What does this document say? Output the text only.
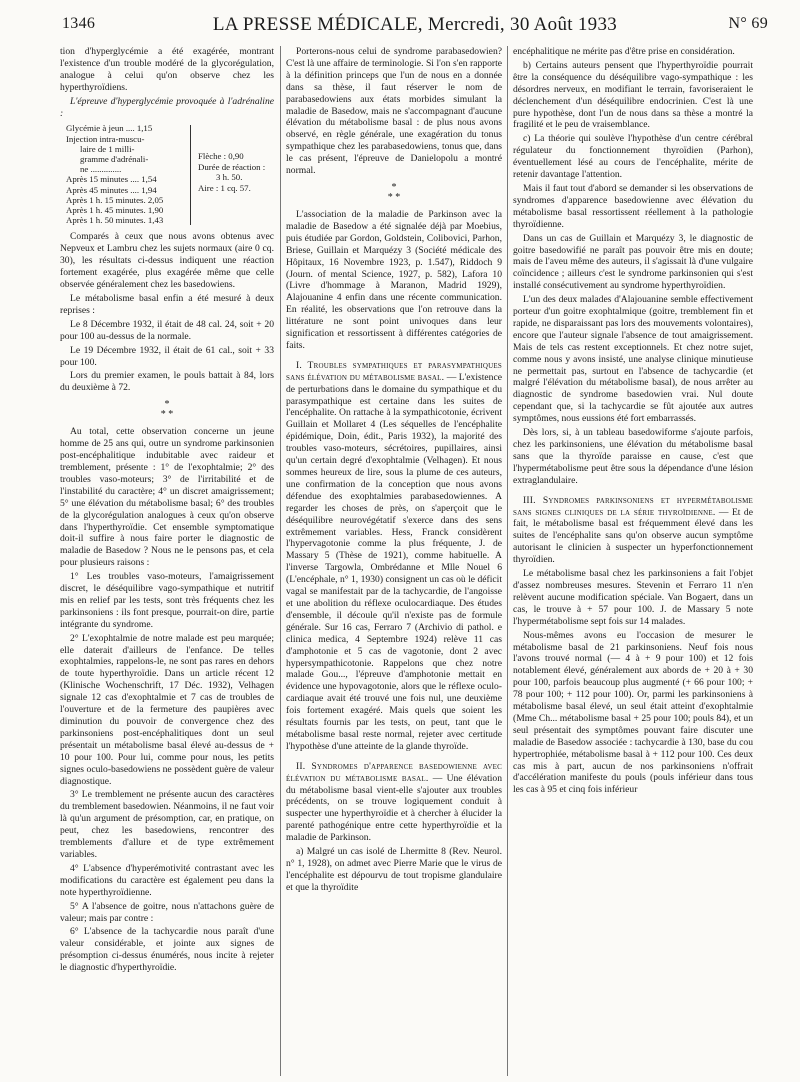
1346	LA PRESSE MÉDICALE, Mercredi, 30 Août 1933	N° 69

tion d'hyperglycémie a été exagérée, montrant l'existence d'un trouble modéré de la glycorégulation, analogue à celui qu'on observe chez les hyperthyroïdiens.

L'épreuve d'hyperglycémie provoquée à l'adrénaline :

Glycémie à jeun .... 1,15
Injection intra-muscu-
laire de 1 milli-
gramme d'adrénali-
ne ..............
Après 15 minutes .... 1,54
Après 45 minutes .... 1,94
Après 1 h. 15 minutes. 2,05
Après 1 h. 45 minutes. 1,90
Après 1 h. 50 minutes. 1,43
Flèche : 0,90
Durée de réaction :
3 h. 50.
Aire : 1 cq. 57.

Comparés à ceux que nous avons obtenus avec Nepveux et Lambru chez les sujets normaux (aire 0 cq. 30), les résultats ci-dessus indiquent une réaction fortement exagérée, plus exagérée même que celle observée généralement chez les basedowiens.

Le métabolisme basal enfin a été mesuré à deux reprises :

Le 8 Décembre 1932, il était de 48 cal. 24, soit + 20 pour 100 au-dessus de la normale.

Le 19 Décembre 1932, il était de 61 cal., soit + 33 pour 100.

Lors du premier examen, le pouls battait à 84, lors du deuxième à 72.

*
* *

Au total, cette observation concerne un jeune homme de 25 ans qui, outre un syndrome parkinsonien post-encéphalitique indubitable avec raideur et tremblement, présente : 1° de l'exophtalmie; 2° des troubles vaso-moteurs; 3° de l'irritabilité et de l'instabilité du caractère; 4° un discret amaigrissement; 5° une élévation du métabolisme basal; 6° des troubles de la glycorégulation analogues à ceux qu'on observe dans l'hyperthyroïdie. Cet ensemble symptomatique doit-il suffire à nous faire porter le diagnostic de maladie de Basedow ? Nous ne le pensons pas, et cela pour plusieurs raisons :

1° Les troubles vaso-moteurs, l'amaigrissement discret, le déséquilibre vago-sympathique et nutritif mis en relief par les tests, sont très fréquents chez les parkinsoniens : ils font presque, pourrait-on dire, partie intégrante du syndrome.

2° L'exophtalmie de notre malade est peu marquée; elle daterait d'ailleurs de l'enfance. De telles exophtalmies, rappelons-le, ne sont pas rares en dehors de toute hyperthyroïdie. Dans un article récent 12 (Klinische Wochenschrift, 17 Déc. 1932), Velhagen signale 12 cas d'exophtalmie et 7 cas de troubles de l'ouverture et de la fermeture des paupières avec diminution du pouvoir de convergence chez des parkinsoniens post-encéphalitiques dont un seul présentait un métabolisme basal élevé au-dessus de + 10 pour 100. Pour lui, comme pour nous, les petits signes oculo-basedowiens ne possèdent guère de valeur diagnostique.

3° Le tremblement ne présente aucun des caractères du tremblement basedowien. Néanmoins, il ne faut voir là qu'un argument de présomption, car, en pratique, on peut, chez les basedowiens, rencontrer des tremblements d'allure et de type extrêmement variables.

4° L'absence d'hyperémotivité contrastant avec les modifications du caractère est également peu dans la note hyperthyroïdienne.

5° A l'absence de goitre, nous n'attachons guère de valeur; mais par contre :

6° L'absence de la tachycardie nous paraît d'une valeur considérable, et jointe aux signes de présomption ci-dessus énumérés, nous incite à rejeter le diagnostic d'hyperthyroïdie.

Porterons-nous celui de syndrome parabasedowien? C'est là une affaire de terminologie. Si l'on s'en rapporte à la définition princeps que l'un de nous en a donnée dans sa thèse, il faut réserver le nom de parabasedowiens aux états morbides simulant la maladie de Basedow, mais ne s'accompagnant d'aucune élévation du métabolisme basal : de plus nous avons observé, en règle générale, une exagération du tonus sympathique chez les parabasedowiens, tonus que, dans le cas présent, l'épreuve de Danielopolu a montré normal.

*
* *

L'association de la maladie de Parkinson avec la maladie de Basedow a été signalée déjà par Moebius, puis étudiée par Gordon, Goldstein, Colibovici, Parhon, Briese, Guillain et Marquézy 3 (Société médicale des Hôpitaux, 16 Novembre 1923, p. 1.547), Riddoch 9 (Journ. of mental Science, 1927, p. 582), Lafora 10 (Livre d'hommage à Maranon, Madrid 1929), Alajouanine 4 enfin dans une récente communication. En réalité, les observations que l'on retrouve dans la littérature ne sont point univoques dans leur signification et ressortissent à différentes catégories de faits.

I. Troubles sympathiques et parasympathiques sans élévation du métabolisme basal. — L'existence de perturbations dans le domaine du sympathique et du parasympathique est certaine dans les suites de l'encéphalite. On rattache à la sympathicotonie, écrivent Guillain et Mollaret 4 (Les séquelles de l'encéphalite épidémique, Doin, édit., Paris 1932), la majorité des troubles vaso-moteurs, sécrétoires, pupillaires, ainsi qu'un certain degré d'exophtalmie (Velhagen). Et nous sommes heureux de lire, sous la plume de ces auteurs, une confirmation de la conception que nous avons défendue des exophtalmies parabasedowiennes. A regarder les choses de près, on s'aperçoit que le déséquilibre neurovégétatif s'exerce dans des sens extrêmement variables. Hess, Franck considèrent l'hypervagotonie comme la plus fréquente, J. de Massary 5 (Thèse de 1921), comme habituelle. A l'inverse Targowla, Ombrédanne et Mlle Nouel 6 (L'encéphale, n° 1, 1930) consignent un cas où le déficit vagal se manifestait par de la tachycardie, de l'angoisse et une abolition du réflexe oculocardiaque. Des études d'ensemble, il découle qu'il n'existe pas de formule générale. Sur 16 cas, Ferraro 7 (Archivio di pathol. e clinica medica, 4 Septembre 1924) relève 11 cas d'amphotonie et 5 cas de vagotonie, dont 2 avec hypersympathicotonie. Rappelons que chez notre malade Gou..., l'épreuve d'amphotonie mettait en évidence une hypovagotonie, alors que le réflexe oculo-cardiaque avait été trouvé une fois nul, une deuxième fois fortement exagéré. Mais quels que soient les résultats fournis par les tests, on peut, tant que le métabolisme basal reste normal, rejeter avec certitude l'hypothèse d'une atteinte de la glande thyroïde.

II. Syndromes d'apparence basedowienne avec élévation du métabolisme basal. — Une élévation du métabolisme basal vient-elle s'ajouter aux troubles précédents, on se trouve logiquement conduit à suspecter une hyperthyroïdie et à chercher à élucider la parenté pathogénique entre cette hyperthyroïdie et la maladie de Parkinson.

a) Malgré un cas isolé de Lhermitte 8 (Rev. Neurol. n° 1, 1928), on admet avec Pierre Marie que le virus de l'encéphalite est dépourvu de tout tropisme glandulaire et que la thyroïdite

encéphalitique ne mérite pas d'être prise en considération.

b) Certains auteurs pensent que l'hyperthyroïdie pourrait être la conséquence du déséquilibre vago-sympathique : les désordres nerveux, en modifiant le terrain, favoriseraient le déclenchement d'un déséquilibre endocrinien. C'est là une pure hypothèse, dont l'un de nous dans sa thèse a montré la fragilité et le peu de vraisemblance.

c) La théorie qui soulève l'hypothèse d'un centre cérébral régulateur du fonctionnement thyroïdien (Parhon), éventuellement lésé au cours de l'encéphalite, mérite de retenir davantage l'attention.

Mais il faut tout d'abord se demander si les observations de syndromes d'apparence basedowienne avec élévation du métabolisme basal ressortissent réellement à la pathologie thyroïdienne.

Dans un cas de Guillain et Marquézy 3, le diagnostic de goitre basedowifié ne paraît pas pouvoir être mis en doute; mais de l'aveu même des auteurs, il s'agissait là d'une vulgaire coïncidence ; ailleurs c'est le syndrome parkinsonien qui s'est installé consécutivement au syndrome hyperthyroïdien.

L'un des deux malades d'Alajouanine semble effectivement porteur d'un goitre exophtalmique (goitre, tremblement fin et rapide, ne disparaissant pas lors des mouvements volontaires), encore que l'auteur signale l'absence de tout amaigrissement. Mais de tels cas restent exceptionnels. Et chez notre sujet, comme nous y avons insisté, une analyse clinique minutieuse ne permettait pas, surtout en l'absence de tachycardie (et malgré l'élévation du métabolisme basal), de nous arrêter au diagnostic de syndrome basedowien vrai. Nul doute cependant que, si la tachycardie se fût ajoutée aux autres symptômes, nous eussions été fort embarrassés.

Dès lors, si, à un tableau basedowiforme s'ajoute parfois, chez les parkinsoniens, une élévation du métabolisme basal sans que la thyroïde paraisse en cause, c'est que l'hypermétabolisme peut être sous la dépendance d'une lésion extraglandulaire.

III. Syndromes parkinsoniens et hypermétabolisme sans signes cliniques de la série thyroïdienne. — Et de fait, le métabolisme basal est fréquemment élevé dans les suites de l'encéphalite sans qu'on observe aucun symptôme autorisant le clinicien à suspecter un hyperfonctionnement thyroïdien.

Le métabolisme basal chez les parkinsoniens a fait l'objet d'assez nombreuses mesures. Stevenin et Ferraro 11 n'en relèvent aucune modification spéciale. Van Bogaert, dans un cas, le trouve à + 57 pour 100. J. de Massary 5 note l'hypermétabolisme sept fois sur 14 malades.

Nous-mêmes avons eu l'occasion de mesurer le métabolisme basal de 21 parkinsoniens. Neuf fois nous l'avons trouvé normal (— 4 à + 9 pour 100) et 12 fois notablement élevé, généralement aux abords de + 20 à + 30 pour 100, parfois beaucoup plus augmenté (+ 66 pour 100; + 78 pour 100; + 112 pour 100). Or, parmi les parkinsoniens à métabolisme basal élevé, un seul était atteint d'exophtalmie (Mme Ch... métabolisme basal + 25 pour 100; pouls 84), et un seul présentait des symptômes pouvant faire discuter une maladie de Basedow associée : tachycardie à 130, base du cou hypertrophiée, métabolisme basal à + 112 pour 100. Ces deux cas mis à part, aucun de nos parkinsoniens n'offrait d'accélération manifeste du pouls (pouls inférieur dans tous les cas à 95 et cinq fois inférieur
